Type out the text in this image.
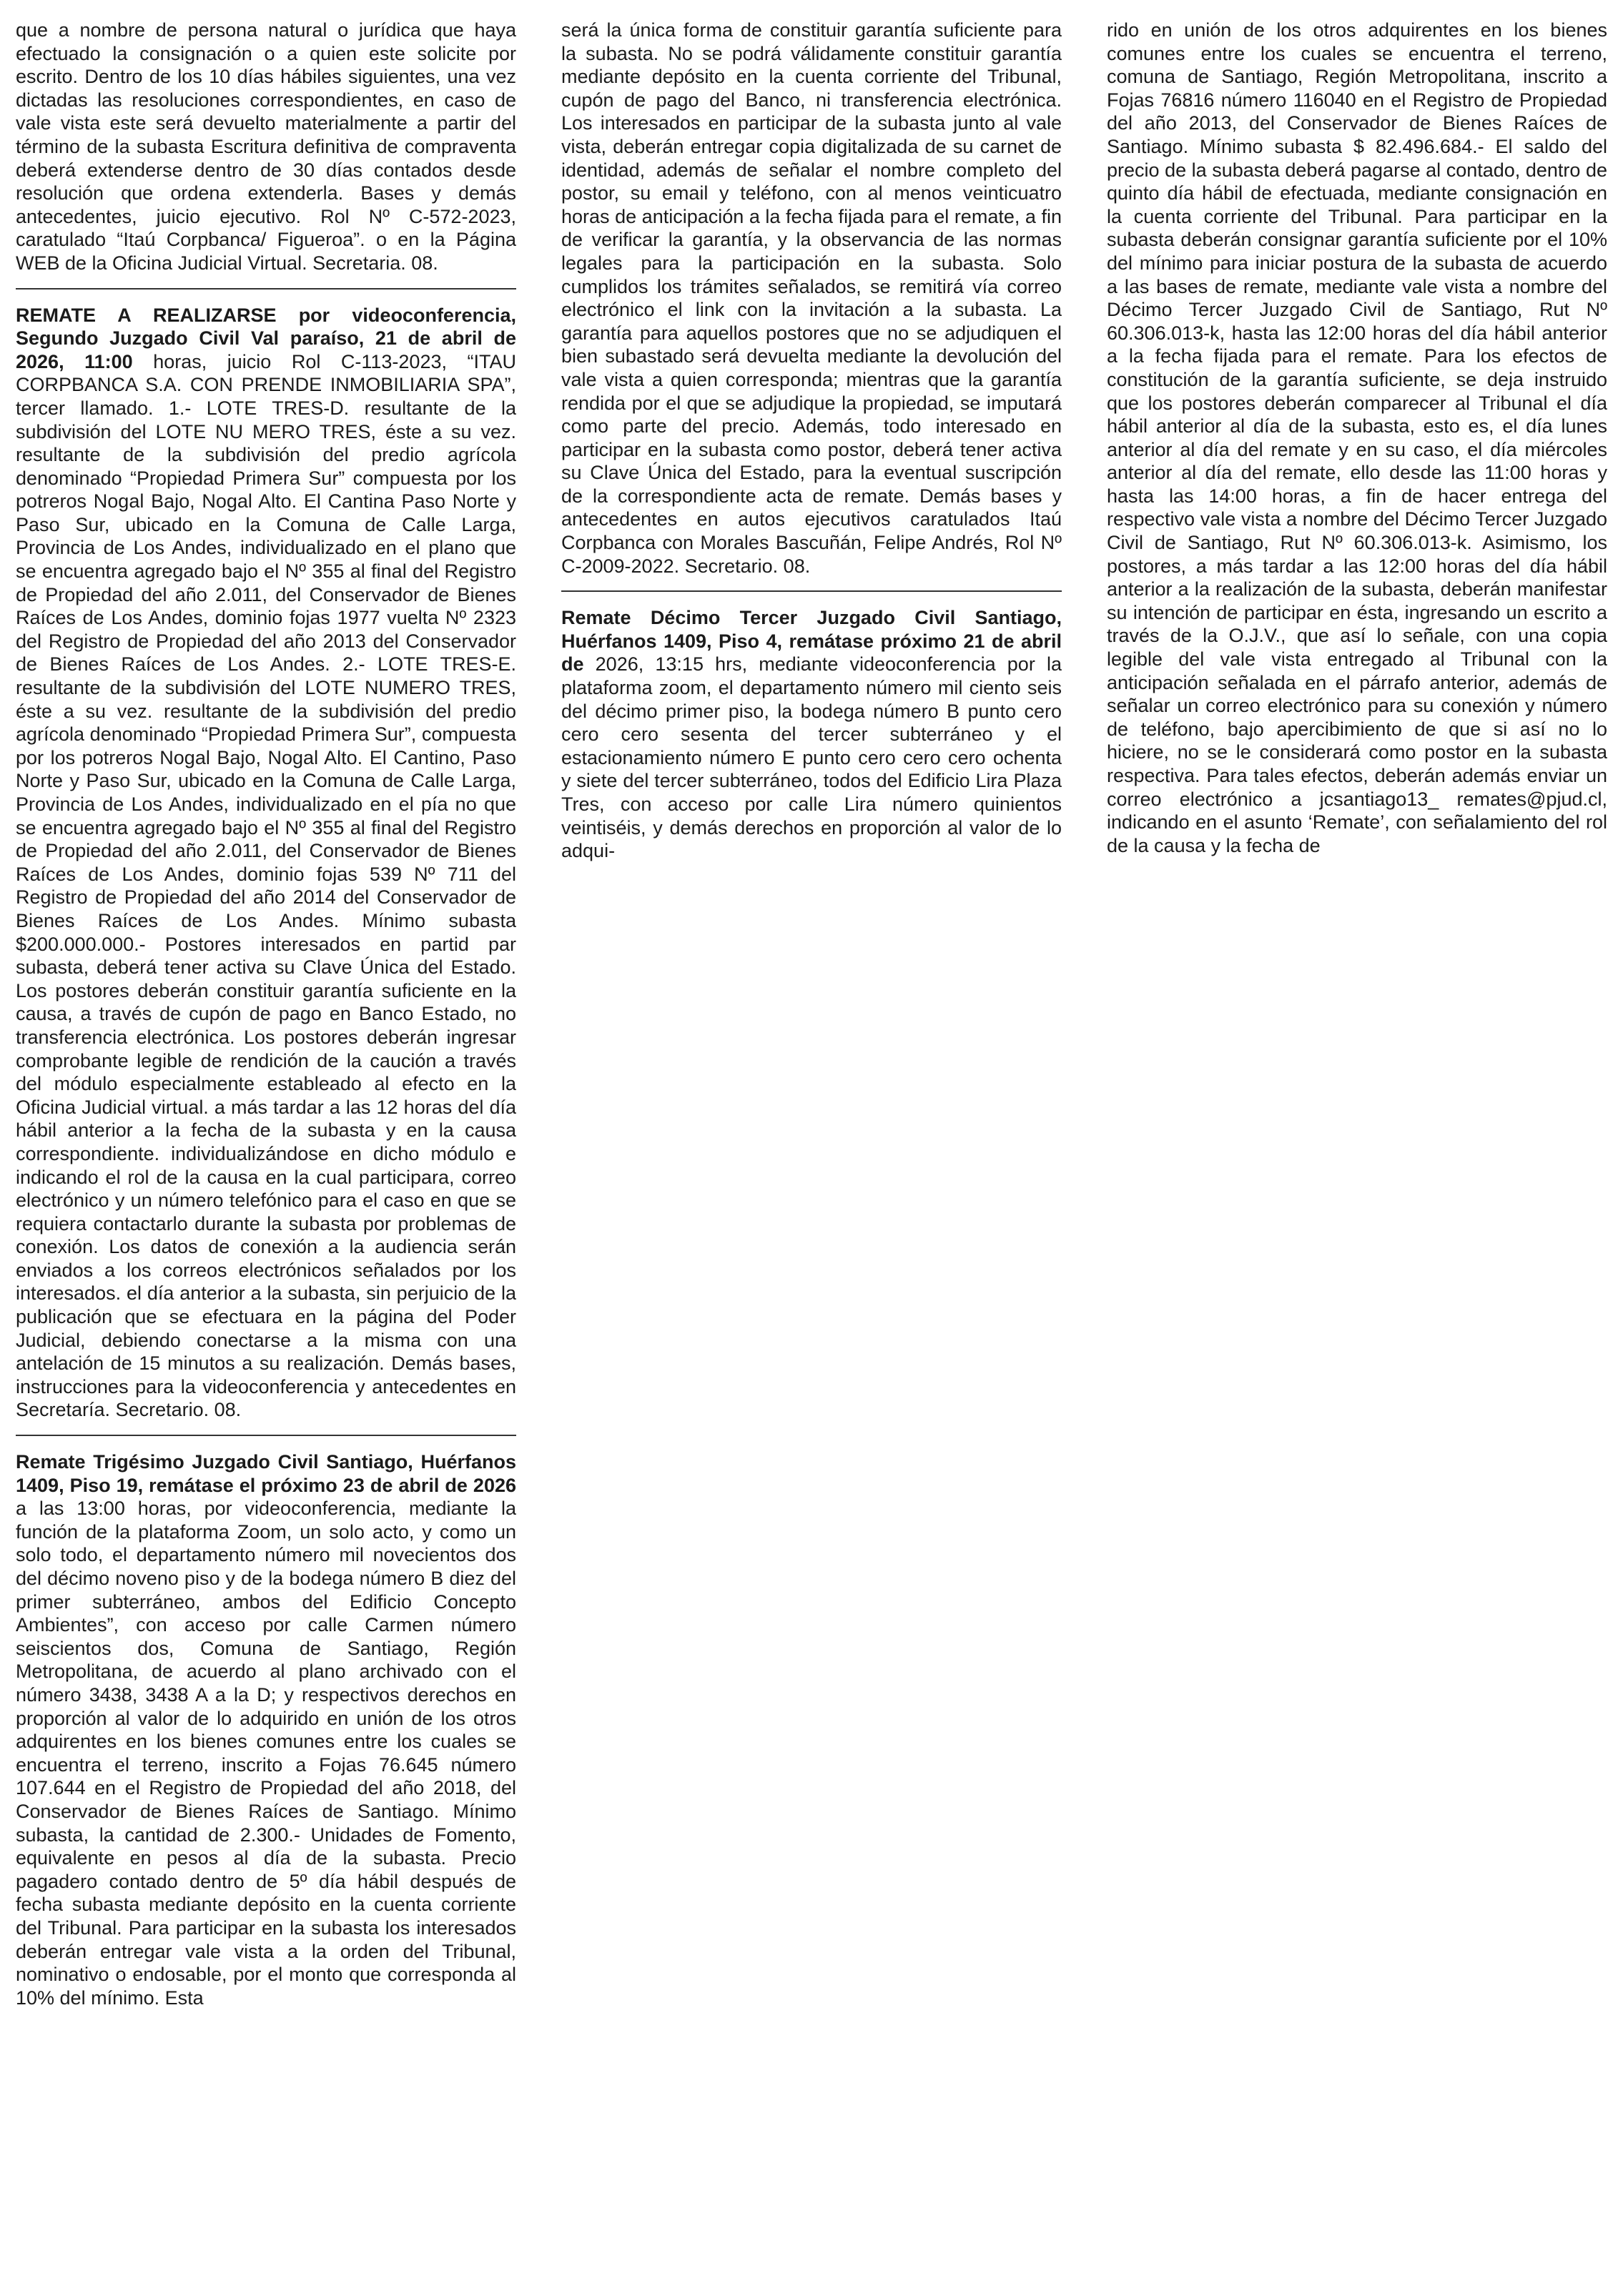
que a nombre de persona natural o jurídica que haya efectuado la consignación o a quien este solicite por escrito. Dentro de los 10 días hábiles siguientes, una vez dictadas las resoluciones correspondientes, en caso de vale vista este será devuelto materialmente a partir del término de la subasta Escritura definitiva de compraventa deberá extenderse dentro de 30 días contados desde resolución que ordena extenderla. Bases y demás antecedentes, juicio ejecutivo. Rol Nº C-572-2023, caratulado “Itaú Corpbanca/ Figueroa”. o en la Página WEB de la Oficina Judicial Virtual. Secretaria. 08.

REMATE A REALIZARSE por videoconferencia, Segundo Juzgado Civil Val paraíso, 21 de abril de 2026, 11:00 horas, juicio Rol C-113-2023, “ITAU CORPBANCA S.A. CON PRENDE INMOBILIARIA SPA”, tercer llamado. 1.- LOTE TRES-D. resultante de la subdivisión del LOTE NU MERO TRES, éste a su vez. resultante de la subdivisión del predio agrícola denominado “Propiedad Primera Sur” compuesta por los potreros Nogal Bajo, Nogal Alto. El Cantina Paso Norte y Paso Sur, ubicado en la Comuna de Calle Larga, Provincia de Los Andes, individualizado en el plano que se encuentra agregado bajo el Nº 355 al final del Registro de Propiedad del año 2.011, del Conservador de Bienes Raíces de Los Andes, dominio fojas 1977 vuelta Nº 2323 del Registro de Propiedad del año 2013 del Conservador de Bienes Raíces de Los Andes. 2.- LOTE TRES-E. resultante de la subdivisión del LOTE NUMERO TRES, éste a su vez. resultante de la subdivisión del predio agrícola denominado “Propiedad Primera Sur”, compuesta por los potreros Nogal Bajo, Nogal Alto. El Cantino, Paso Norte y Paso Sur, ubicado en la Comuna de Calle Larga, Provincia de Los Andes, individualizado en el pía no que se encuentra agregado bajo el Nº 355 al final del Registro de Propiedad del año 2.011, del Conservador de Bienes Raíces de Los Andes, dominio fojas 539 Nº 711 del Registro de Propiedad del año 2014 del Conservador de Bienes Raíces de Los Andes. Mínimo subasta $200.000.000.- Postores interesados en partid par subasta, deberá tener activa su Clave Única del Estado. Los postores deberán constituir garantía suficiente en la causa, a través de cupón de pago en Banco Estado, no transferencia electrónica. Los postores deberán ingresar comprobante legible de rendición de la caución a través del módulo especialmente estableado al efecto en la Oficina Judicial virtual. a más tardar a las 12 horas del día hábil anterior a la fecha de la subasta y en la causa correspondiente. individualizándose en dicho módulo e indicando el rol de la causa en la cual participara, correo electrónico y un número telefónico para el caso en que se requiera contactarlo durante la subasta por problemas de conexión. Los datos de conexión a la audiencia serán enviados a los correos electrónicos señalados por los interesados. el día anterior a la subasta, sin perjuicio de la publicación que se efectuara en la página del Poder Judicial, debiendo conectarse a la misma con una antelación de 15 minutos a su realización. Demás bases, instrucciones para la videoconferencia y antecedentes en Secretaría. Secretario. 08.

Remate Trigésimo Juzgado Civil Santiago, Huérfanos 1409, Piso 19, remátase el próximo 23 de abril de 2026 a las 13:00 horas, por videoconferencia, mediante la función de la plataforma Zoom, un solo acto, y como un solo todo, el departamento número mil novecientos dos del décimo noveno piso y de la bodega número B diez del primer subterráneo, ambos del Edificio Concepto Ambientes”, con acceso por calle Carmen número seiscientos dos, Comuna de Santiago, Región Metropolitana, de acuerdo al plano archivado con el número 3438, 3438 A a la D; y respectivos derechos en proporción al valor de lo adquirido en unión de los otros adquirentes en los bienes comunes entre los cuales se encuentra el terreno, inscrito a Fojas 76.645 número 107.644 en el Registro de Propiedad del año 2018, del Conservador de Bienes Raíces de Santiago. Mínimo subasta, la cantidad de 2.300.- Unidades de Fomento, equivalente en pesos al día de la subasta. Precio pagadero contado dentro de 5º día hábil después de fecha subasta mediante depósito en la cuenta corriente del Tribunal. Para participar en la subasta los interesados deberán entregar vale vista a la orden del Tribunal, nominativo o endosable, por el monto que corresponda al 10% del mínimo. Esta

será la única forma de constituir garantía suficiente para la subasta. No se podrá válidamente constituir garantía mediante depósito en la cuenta corriente del Tribunal, cupón de pago del Banco, ni transferencia electrónica. Los interesados en participar de la subasta junto al vale vista, deberán entregar copia digitalizada de su carnet de identidad, además de señalar el nombre completo del postor, su email y teléfono, con al menos veinticuatro horas de anticipación a la fecha fijada para el remate, a fin de verificar la garantía, y la observancia de las normas legales para la participación en la subasta. Solo cumplidos los trámites señalados, se remitirá vía correo electrónico el link con la invitación a la subasta. La garantía para aquellos postores que no se adjudiquen el bien subastado será devuelta mediante la devolución del vale vista a quien corresponda; mientras que la garantía rendida por el que se adjudique la propiedad, se imputará como parte del precio. Además, todo interesado en participar en la subasta como postor, deberá tener activa su Clave Única del Estado, para la eventual suscripción de la correspondiente acta de remate. Demás bases y antecedentes en autos ejecutivos caratulados Itaú Corpbanca con Morales Bascuñán, Felipe Andrés, Rol Nº C-2009-2022. Secretario. 08.

Remate Décimo Tercer Juzgado Civil Santiago, Huérfanos 1409, Piso 4, remátase próximo 21 de abril de 2026, 13:15 hrs, mediante videoconferencia por la plataforma zoom, el departamento número mil ciento seis del décimo primer piso, la bodega número B punto cero cero cero sesenta del tercer subterráneo y el estacionamiento número E punto cero cero cero ochenta y siete del tercer subterráneo, todos del Edificio Lira Plaza Tres, con acceso por calle Lira número quinientos veintiséis, y demás derechos en proporción al valor de lo adqui-

rido en unión de los otros adquirentes en los bienes comunes entre los cuales se encuentra el terreno, comuna de Santiago, Región Metropolitana, inscrito a Fojas 76816 número 116040 en el Registro de Propiedad del año 2013, del Conservador de Bienes Raíces de Santiago. Mínimo subasta $ 82.496.684.- El saldo del precio de la subasta deberá pagarse al contado, dentro de quinto día hábil de efectuada, mediante consignación en la cuenta corriente del Tribunal. Para participar en la subasta deberán consignar garantía suficiente por el 10% del mínimo para iniciar postura de la subasta de acuerdo a las bases de remate, mediante vale vista a nombre del Décimo Tercer Juzgado Civil de Santiago, Rut Nº 60.306.013-k, hasta las 12:00 horas del día hábil anterior a la fecha fijada para el remate. Para los efectos de constitución de la garantía suficiente, se deja instruido que los postores deberán comparecer al Tribunal el día hábil anterior al día de la subasta, esto es, el día lunes anterior al día del remate y en su caso, el día miércoles anterior al día del remate, ello desde las 11:00 horas y hasta las 14:00 horas, a fin de hacer entrega del respectivo vale vista a nombre del Décimo Tercer Juzgado Civil de Santiago, Rut Nº 60.306.013-k. Asimismo, los postores, a más tardar a las 12:00 horas del día hábil anterior a la realización de la subasta, deberán manifestar su intención de participar en ésta, ingresando un escrito a través de la O.J.V., que así lo señale, con una copia legible del vale vista entregado al Tribunal con la anticipación señalada en el párrafo anterior, además de señalar un correo electrónico para su conexión y número de teléfono, bajo apercibimiento de que si así no lo hiciere, no se le considerará como postor en la subasta respectiva. Para tales efectos, deberán además enviar un correo electrónico a jcsantiago13_ remates@pjud.cl, indicando en el asunto ‘Remate’, con señalamiento del rol de la causa y la fecha de
